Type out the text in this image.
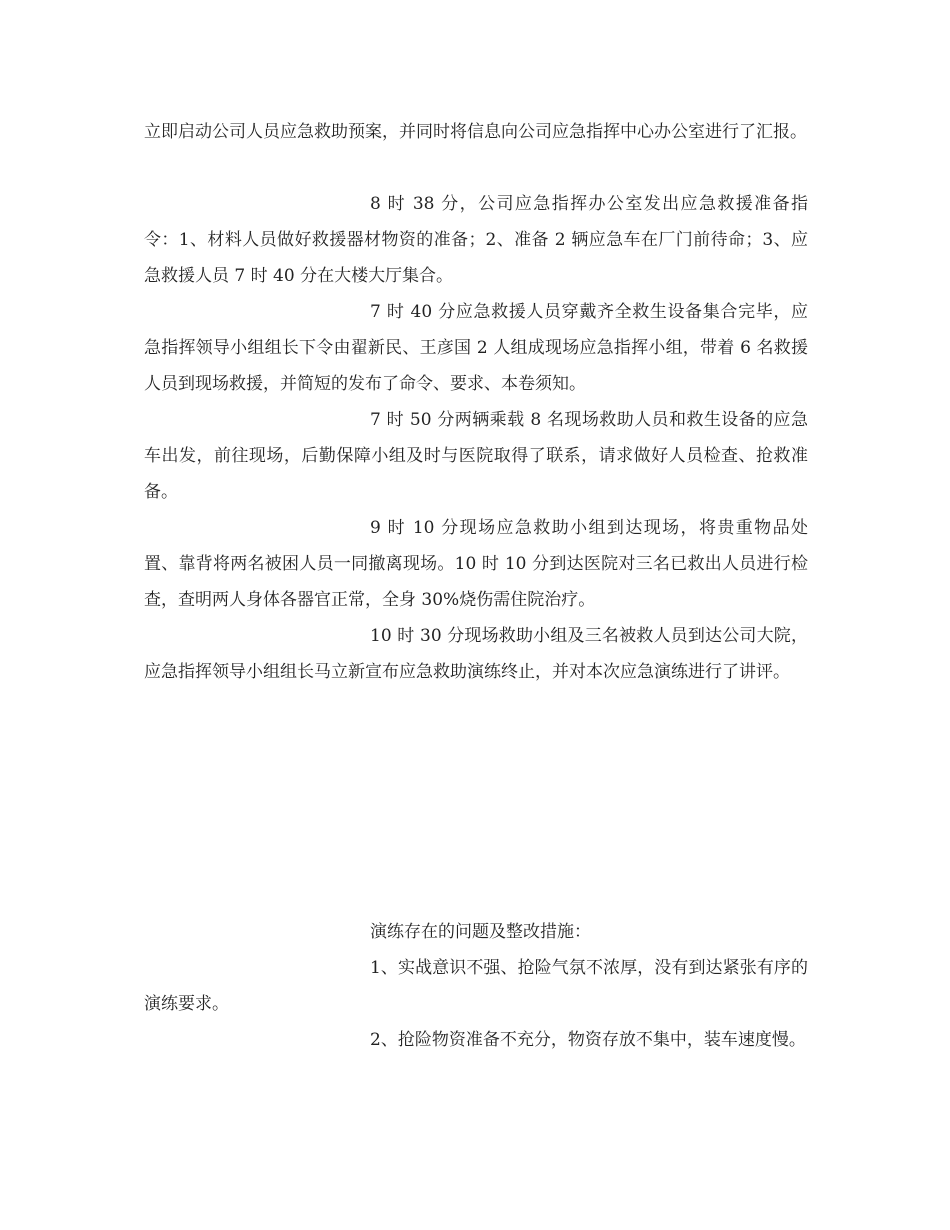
立即启动公司人员应急救助预案，并同时将信息向公司应急指挥中心办公室进行了汇报。

8 时 38 分，公司应急指挥办公室发出应急救援准备指令：1、材料人员做好救援器材物资的准备；2、准备 2 辆应急车在厂门前待命；3、应急救援人员 7 时 40 分在大楼大厅集合。

7 时 40 分应急救援人员穿戴齐全救生设备集合完毕，应急指挥领导小组组长下令由翟新民、王彦国 2 人组成现场应急指挥小组，带着 6 名救援人员到现场救援，并简短的发布了命令、要求、本卷须知。

7 时 50 分两辆乘载 8 名现场救助人员和救生设备的应急车出发，前往现场，后勤保障小组及时与医院取得了联系，请求做好人员检查、抢救准备。

9 时 10 分现场应急救助小组到达现场，将贵重物品处置、靠背将两名被困人员一同撤离现场。10 时 10 分到达医院对三名已救出人员进行检查，查明两人身体各器官正常，全身 30%烧伤需住院治疗。

10 时 30 分现场救助小组及三名被救人员到达公司大院，应急指挥领导小组组长马立新宣布应急救助演练终止，并对本次应急演练进行了讲评。

演练存在的问题及整改措施：

1、实战意识不强、抢险气氛不浓厚，没有到达紧张有序的演练要求。

2、抢险物资准备不充分，物资存放不集中，装车速度慢。
